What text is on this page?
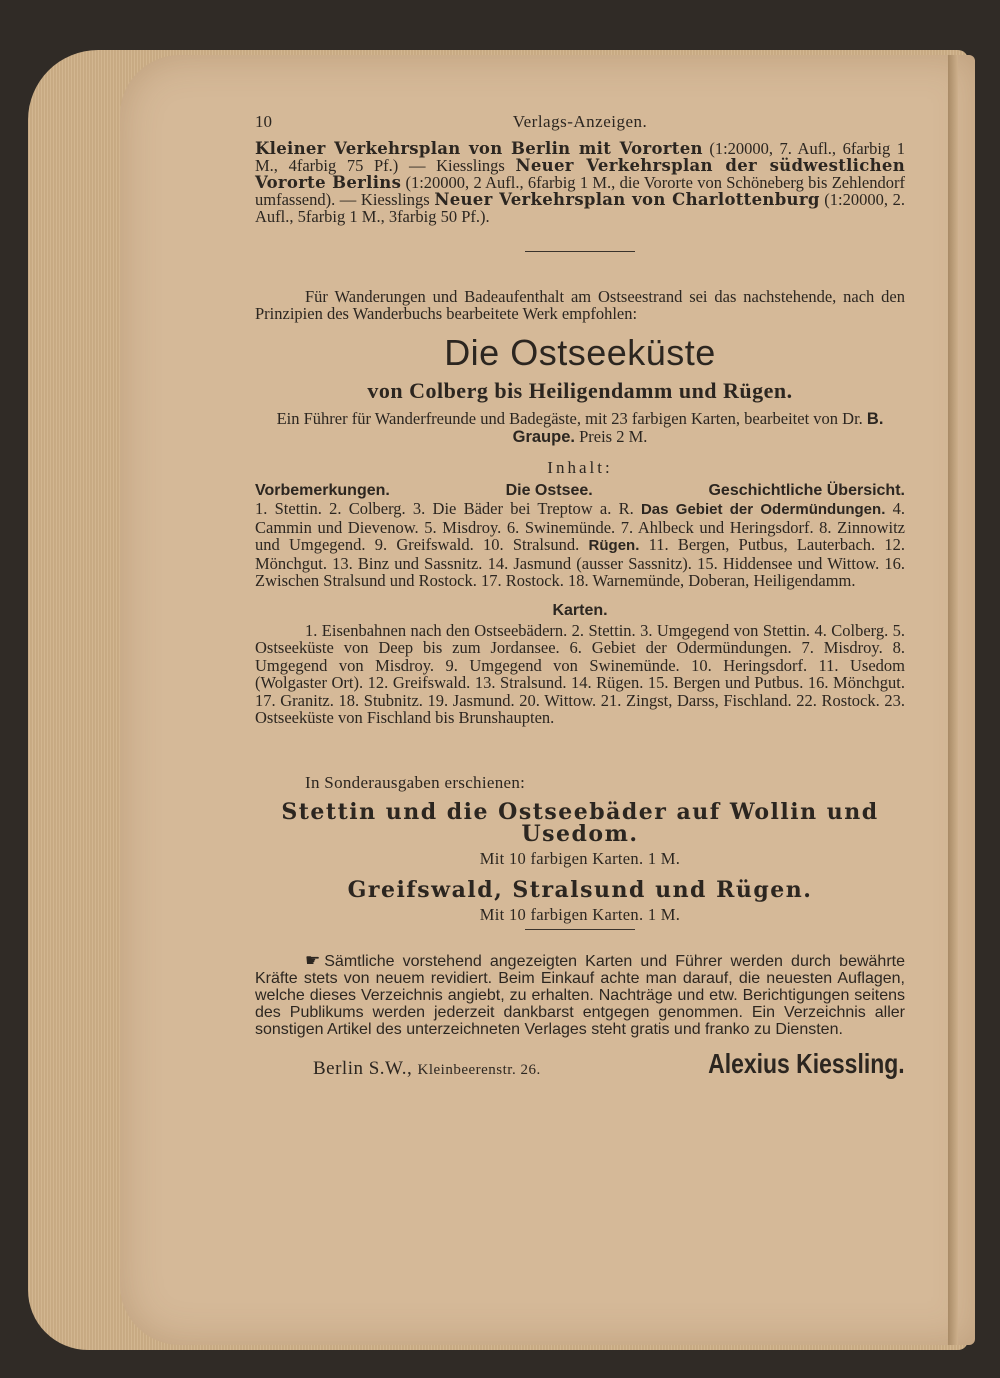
10	Verlags-Anzeigen.

Kleiner Verkehrsplan von Berlin mit Vororten (1:20000, 7. Aufl., 6farbig 1 M., 4farbig 75 Pf.) — Kiesslings Neuer Verkehrsplan der südwestlichen Vororte Berlins (1:20000, 2 Aufl., 6farbig 1 M., die Vororte von Schöneberg bis Zehlendorf umfassend). — Kiesslings Neuer Verkehrsplan von Charlottenburg (1:20000, 2. Aufl., 5farbig 1 M., 3farbig 50 Pf.).

Für Wanderungen und Badeaufenthalt am Ostseestrand sei das nachstehende, nach den Prinzipien des Wanderbuchs bearbeitete Werk empfohlen:

Die Ostseeküste
von Colberg bis Heiligendamm und Rügen.

Ein Führer für Wanderfreunde und Badegäste, mit 23 farbigen Karten, bearbeitet von Dr. B. Graupe. Preis 2 M.

Inhalt:
Vorbemerkungen.	Die Ostsee.	Geschichtliche Übersicht.

1. Stettin. 2. Colberg. 3. Die Bäder bei Treptow a. R. Das Gebiet der Odermündungen. 4. Cammin und Dievenow. 5. Misdroy. 6. Swinemünde. 7. Ahlbeck und Heringsdorf. 8. Zinnowitz und Umgegend. 9. Greifswald. 10. Stralsund. Rügen. 11. Bergen, Putbus, Lauterbach. 12. Mönchgut. 13. Binz und Sassnitz. 14. Jasmund (ausser Sassnitz). 15. Hiddensee und Wittow. 16. Zwischen Stralsund und Rostock. 17. Rostock. 18. Warnemünde, Doberan, Heiligendamm.

Karten.

1. Eisenbahnen nach den Ostseebädern. 2. Stettin. 3. Umgegend von Stettin. 4. Colberg. 5. Ostseeküste von Deep bis zum Jordansee. 6. Gebiet der Odermündungen. 7. Misdroy. 8. Umgegend von Misdroy. 9. Umgegend von Swinemünde. 10. Heringsdorf. 11. Usedom (Wolgaster Ort). 12. Greifswald. 13. Stralsund. 14. Rügen. 15. Bergen und Putbus. 16. Mönchgut. 17. Granitz. 18. Stubnitz. 19. Jasmund. 20. Wittow. 21. Zingst, Darss, Fischland. 22. Rostock. 23. Ostseeküste von Fischland bis Brunshaupten.

In Sonderausgaben erschienen:
Stettin und die Ostseebäder auf Wollin und Usedom.
Mit 10 farbigen Karten. 1 M.
Greifswald, Stralsund und Rügen.
Mit 10 farbigen Karten. 1 M.

☛ Sämtliche vorstehend angezeigten Karten und Führer werden durch bewährte Kräfte stets von neuem revidiert. Beim Einkauf achte man darauf, die neuesten Auflagen, welche dieses Verzeichnis angiebt, zu erhalten. Nachträge und etw. Berichtigungen seitens des Publikums werden jederzeit dankbarst entgegen genommen. Ein Verzeichnis aller sonstigen Artikel des unterzeichneten Verlages steht gratis und franko zu Diensten.

Berlin S.W., Kleinbeerenstr. 26.	Alexius Kiessling.
